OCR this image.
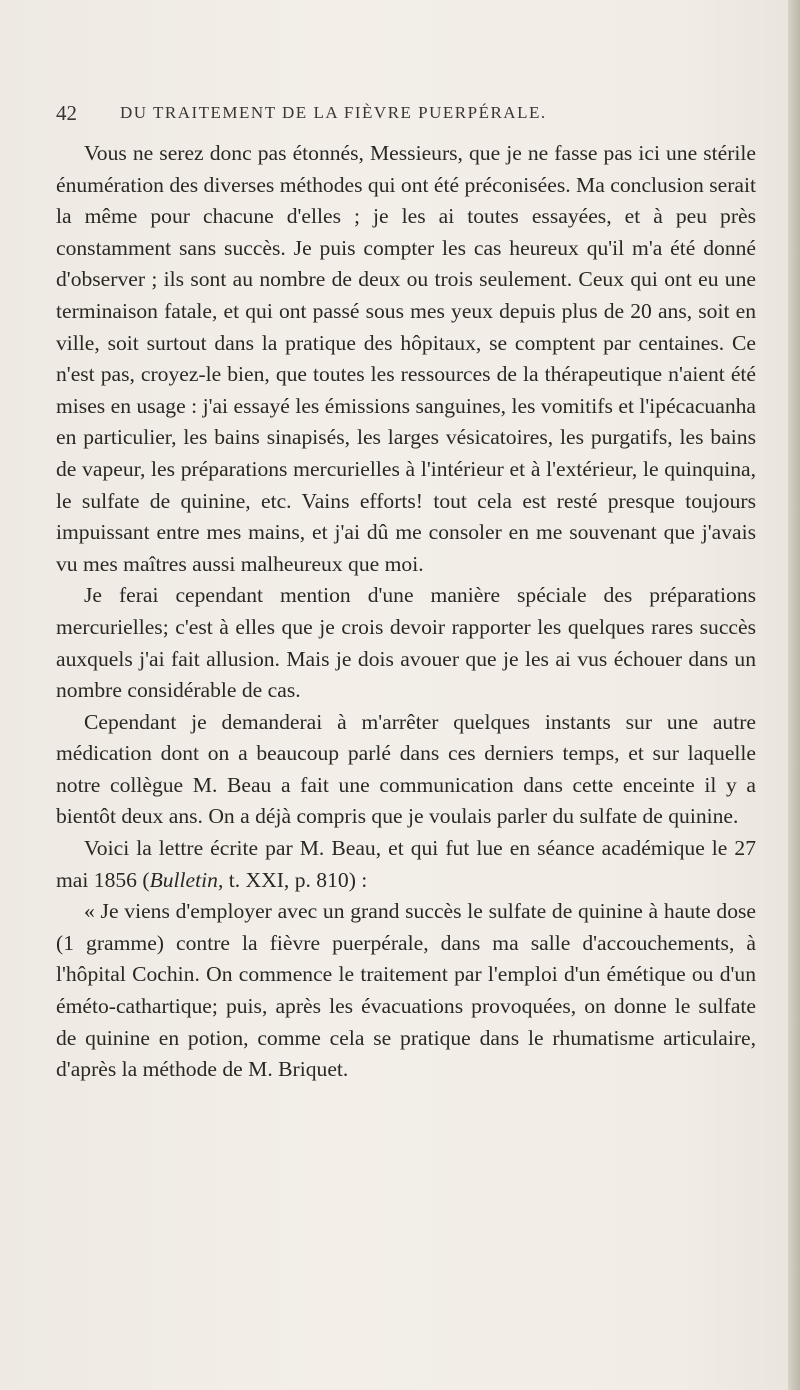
42	DU TRAITEMENT DE LA FIÈVRE PUERPÉRALE.

Vous ne serez donc pas étonnés, Messieurs, que je ne fasse pas ici une stérile énumération des diverses méthodes qui ont été préconisées. Ma conclusion serait la même pour chacune d'elles ; je les ai toutes essayées, et à peu près constamment sans succès. Je puis compter les cas heureux qu'il m'a été donné d'observer ; ils sont au nombre de deux ou trois seulement. Ceux qui ont eu une terminaison fatale, et qui ont passé sous mes yeux depuis plus de 20 ans, soit en ville, soit surtout dans la pratique des hôpitaux, se comptent par centaines. Ce n'est pas, croyez-le bien, que toutes les ressources de la thérapeutique n'aient été mises en usage : j'ai essayé les émissions sanguines, les vomitifs et l'ipécacuanha en particulier, les bains sinapisés, les larges vésicatoires, les purgatifs, les bains de vapeur, les préparations mercurielles à l'intérieur et à l'extérieur, le quinquina, le sulfate de quinine, etc. Vains efforts! tout cela est resté presque toujours impuissant entre mes mains, et j'ai dû me consoler en me souvenant que j'avais vu mes maîtres aussi malheureux que moi.

Je ferai cependant mention d'une manière spéciale des préparations mercurielles; c'est à elles que je crois devoir rapporter les quelques rares succès auxquels j'ai fait allusion. Mais je dois avouer que je les ai vus échouer dans un nombre considérable de cas.

Cependant je demanderai à m'arrêter quelques instants sur une autre médication dont on a beaucoup parlé dans ces derniers temps, et sur laquelle notre collègue M. Beau a fait une communication dans cette enceinte il y a bientôt deux ans. On a déjà compris que je voulais parler du sulfate de quinine.

Voici la lettre écrite par M. Beau, et qui fut lue en séance académique le 27 mai 1856 (Bulletin, t. XXI, p. 810) :

« Je viens d'employer avec un grand succès le sulfate de quinine à haute dose (1 gramme) contre la fièvre puerpérale, dans ma salle d'accouchements, à l'hôpital Cochin. On commence le traitement par l'emploi d'un émétique ou d'un éméto-cathartique; puis, après les évacuations provoquées, on donne le sulfate de quinine en potion, comme cela se pratique dans le rhumatisme articulaire, d'après la méthode de M. Briquet.
